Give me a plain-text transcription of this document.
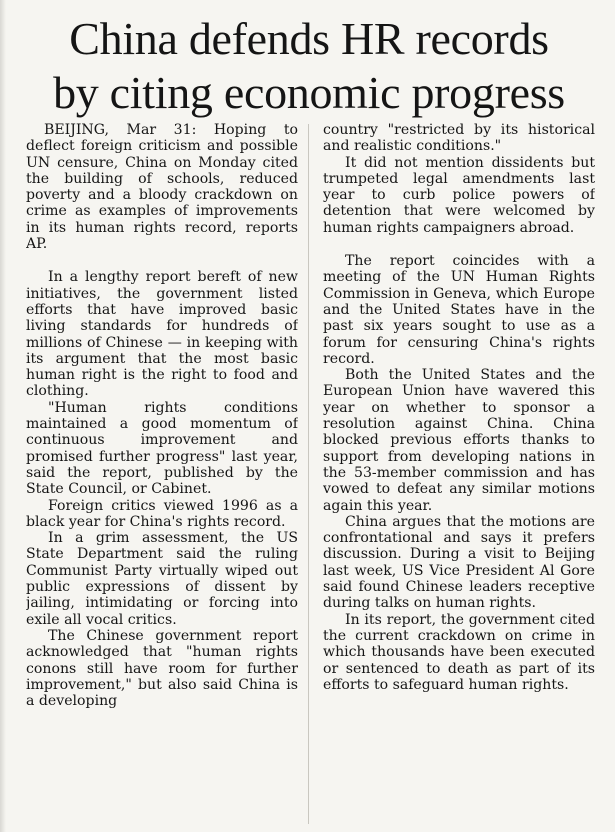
China defends HR records
by citing economic progress

BEIJING, Mar 31: Hoping to deflect foreign criticism and possible UN censure, China on Monday cited the building of schools, reduced poverty and a bloody crackdown on crime as examples of improvements in its human rights record, reports AP.

In a lengthy report bereft of new initiatives, the government listed efforts that have improved basic living standards for hundreds of millions of Chinese — in keeping with its argument that the most basic human right is the right to food and clothing.

"Human rights conditions maintained a good momentum of continuous improvement and promised further progress" last year, said the report, published by the State Council, or Cabinet.

Foreign critics viewed 1996 as a black year for China's rights record.

In a grim assessment, the US State Department said the ruling Communist Party virtually wiped out public expressions of dissent by jailing, intimidating or forcing into exile all vocal critics.

The Chinese government report acknowledged that "human rights conons still have room for further improvement," but also said China is a developing

country "restricted by its historical and realistic conditions."

It did not mention dissidents but trumpeted legal amendments last year to curb police powers of detention that were welcomed by human rights campaigners abroad.

The report coincides with a meeting of the UN Human Rights Commission in Geneva, which Europe and the United States have in the past six years sought to use as a forum for censuring China's rights record.

Both the United States and the European Union have wavered this year on whether to sponsor a resolution against China. China blocked previous efforts thanks to support from developing nations in the 53-member commission and has vowed to defeat any similar motions again this year.

China argues that the motions are confrontational and says it prefers discussion. During a visit to Beijing last week, US Vice President Al Gore said found Chinese leaders receptive during talks on human rights.

In its report, the government cited the current crackdown on crime in which thousands have been executed or sentenced to death as part of its efforts to safeguard human rights.
